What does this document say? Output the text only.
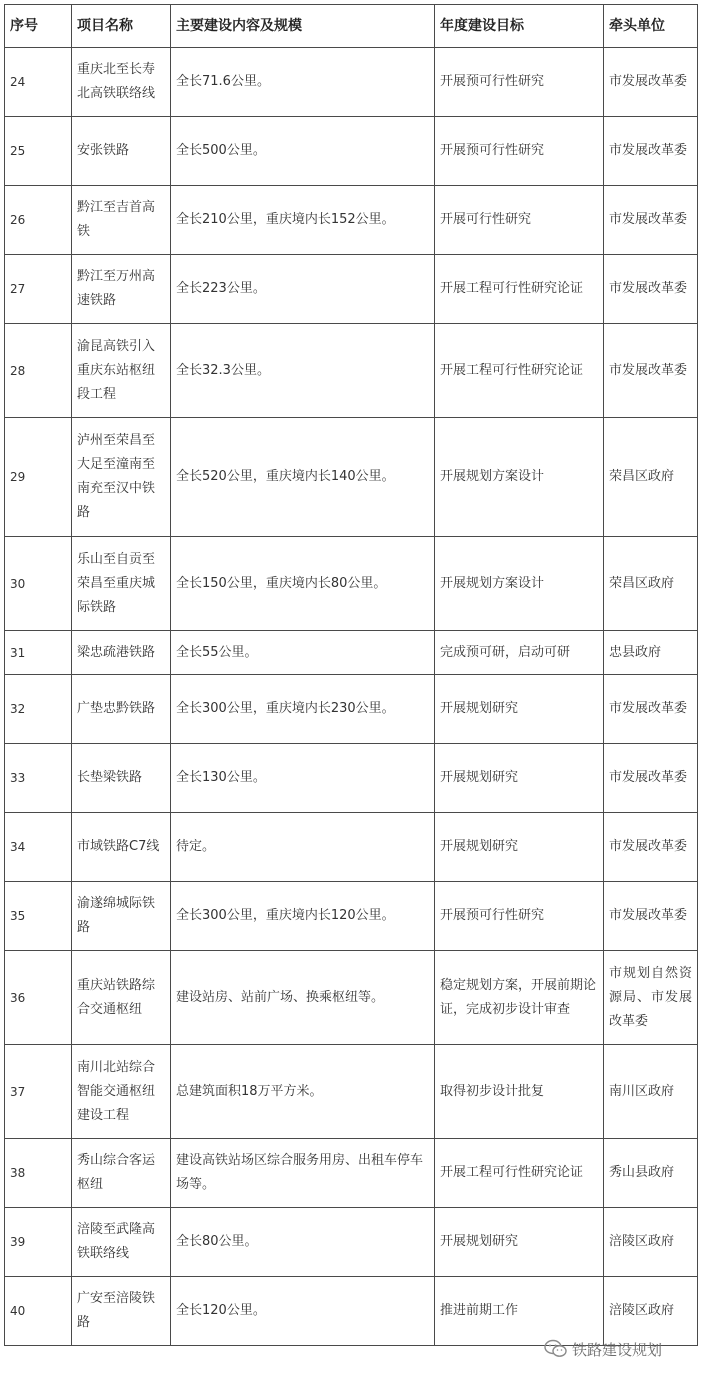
序号	项目名称	主要建设内容及规模	年度建设目标	牵头单位
24	重庆北至长寿北高铁联络线	全长71.6公里。	开展预可行性研究	市发展改革委
25	安张铁路	全长500公里。	开展预可行性研究	市发展改革委
26	黔江至吉首高铁	全长210公里，重庆境内长152公里。	开展可行性研究	市发展改革委
27	黔江至万州高速铁路	全长223公里。	开展工程可行性研究论证	市发展改革委
28	渝昆高铁引入重庆东站枢纽段工程	全长32.3公里。	开展工程可行性研究论证	市发展改革委
29	泸州至荣昌至大足至潼南至南充至汉中铁路	全长520公里，重庆境内长140公里。	开展规划方案设计	荣昌区政府
30	乐山至自贡至荣昌至重庆城际铁路	全长150公里，重庆境内长80公里。	开展规划方案设计	荣昌区政府
31	梁忠疏港铁路	全长55公里。	完成预可研，启动可研	忠县政府
32	广垫忠黔铁路	全长300公里，重庆境内长230公里。	开展规划研究	市发展改革委
33	长垫梁铁路	全长130公里。	开展规划研究	市发展改革委
34	市域铁路C7线	待定。	开展规划研究	市发展改革委
35	渝遂绵城际铁路	全长300公里，重庆境内长120公里。	开展预可行性研究	市发展改革委
36	重庆站铁路综合交通枢纽	建设站房、站前广场、换乘枢纽等。	稳定规划方案，开展前期论证，完成初步设计审查	市规划自然资源局、市发展改革委
37	南川北站综合智能交通枢纽建设工程	总建筑面积18万平方米。	取得初步设计批复	南川区政府
38	秀山综合客运枢纽	建设高铁站场区综合服务用房、出租车停车场等。	开展工程可行性研究论证	秀山县政府
39	涪陵至武隆高铁联络线	全长80公里。	开展规划研究	涪陵区政府
40	广安至涪陵铁路	全长120公里。	推进前期工作	涪陵区政府
铁路建设规划
